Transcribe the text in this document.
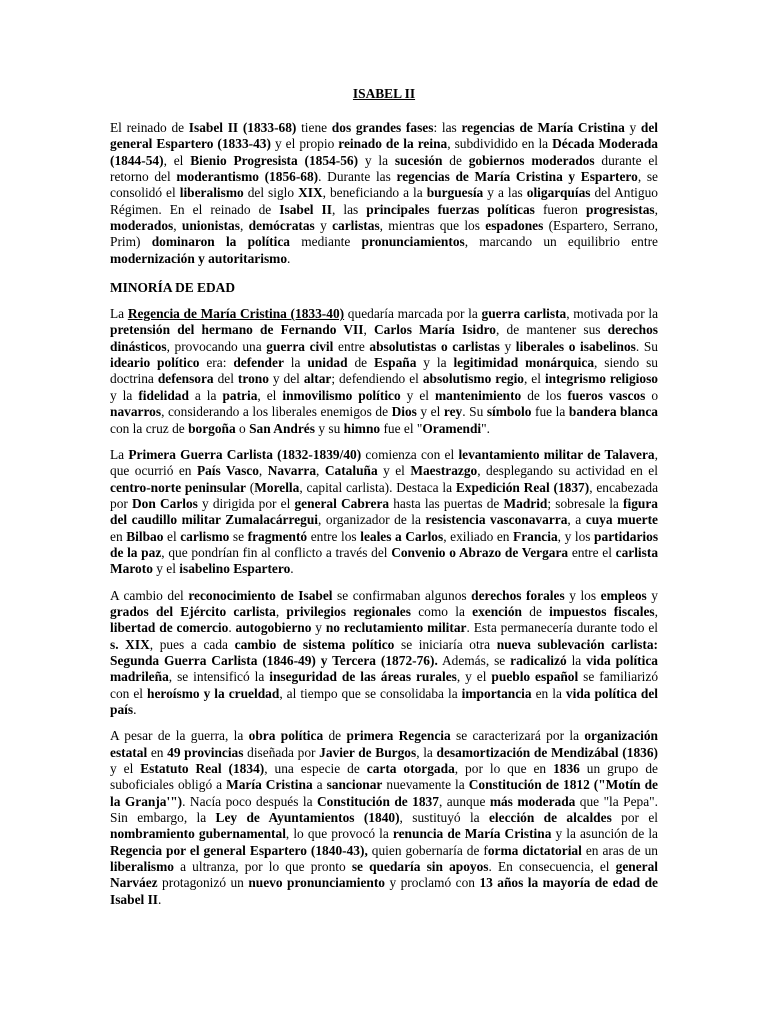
ISABEL II

El reinado de Isabel II (1833-68) tiene dos grandes fases: las regencias de María Cristina y del general Espartero (1833-43) y el propio reinado de la reina, subdividido en la Década Moderada (1844-54), el Bienio Progresista (1854-56) y la sucesión de gobiernos moderados durante el retorno del moderantismo (1856-68). Durante las regencias de María Cristina y Espartero, se consolidó el liberalismo del siglo XIX, beneficiando a la burguesía y a las oligarquías del Antiguo Régimen. En el reinado de Isabel II, las principales fuerzas políticas fueron progresistas, moderados, unionistas, demócratas y carlistas, mientras que los espadones (Espartero, Serrano, Prim) dominaron la política mediante pronunciamientos, marcando un equilibrio entre modernización y autoritarismo.

MINORÍA DE EDAD

La Regencia de María Cristina (1833-40) quedaría marcada por la guerra carlista, motivada por la pretensión del hermano de Fernando VII, Carlos María Isidro, de mantener sus derechos dinásticos, provocando una guerra civil entre absolutistas o carlistas y liberales o isabelinos. Su ideario político era: defender la unidad de España y la legitimidad monárquica, siendo su doctrina defensora del trono y del altar; defendiendo el absolutismo regio, el integrismo religioso y la fidelidad a la patria, el inmovilismo político y el mantenimiento de los fueros vascos o navarros, considerando a los liberales enemigos de Dios y el rey. Su símbolo fue la bandera blanca con la cruz de borgoña o San Andrés y su himno fue el "Oramendi".

La Primera Guerra Carlista (1832-1839/40) comienza con el levantamiento militar de Talavera, que ocurrió en País Vasco, Navarra, Cataluña y el Maestrazgo, desplegando su actividad en el centro-norte peninsular (Morella, capital carlista). Destaca la Expedición Real (1837), encabezada por Don Carlos y dirigida por el general Cabrera hasta las puertas de Madrid; sobresale la figura del caudillo militar Zumalacárregui, organizador de la resistencia vasconavarra, a cuya muerte en Bilbao el carlismo se fragmentó entre los leales a Carlos, exiliado en Francia, y los partidarios de la paz, que pondrían fin al conflicto a través del Convenio o Abrazo de Vergara entre el carlista Maroto y el isabelino Espartero.

A cambio del reconocimiento de Isabel se confirmaban algunos derechos forales y los empleos y grados del Ejército carlista, privilegios regionales como la exención de impuestos fiscales, libertad de comercio. autogobierno y no reclutamiento militar. Esta permanecería durante todo el s. XIX, pues a cada cambio de sistema político se iniciaría otra nueva sublevación carlista: Segunda Guerra Carlista (1846-49) y Tercera (1872-76). Además, se radicalizó la vida política madrileña, se intensificó la inseguridad de las áreas rurales, y el pueblo español se familiarizó con el heroísmo y la crueldad, al tiempo que se consolidaba la importancia en la vida política del país.

A pesar de la guerra, la obra política de primera Regencia se caracterizará por la organización estatal en 49 provincias diseñada por Javier de Burgos, la desamortización de Mendizábal (1836) y el Estatuto Real (1834), una especie de carta otorgada, por lo que en 1836 un grupo de suboficiales obligó a María Cristina a sancionar nuevamente la Constitución de 1812 ("Motín de la Granja'"). Nacía poco después la Constitución de 1837, aunque más moderada que "la Pepa". Sin embargo, la Ley de Ayuntamientos (1840), sustituyó la elección de alcaldes por el nombramiento gubernamental, lo que provocó la renuncia de María Cristina y la asunción de la Regencia por el general Espartero (1840-43), quien gobernaría de forma dictatorial en aras de un liberalismo a ultranza, por lo que pronto se quedaría sin apoyos. En consecuencia, el general Narváez protagonizó un nuevo pronunciamiento y proclamó con 13 años la mayoría de edad de Isabel II.
